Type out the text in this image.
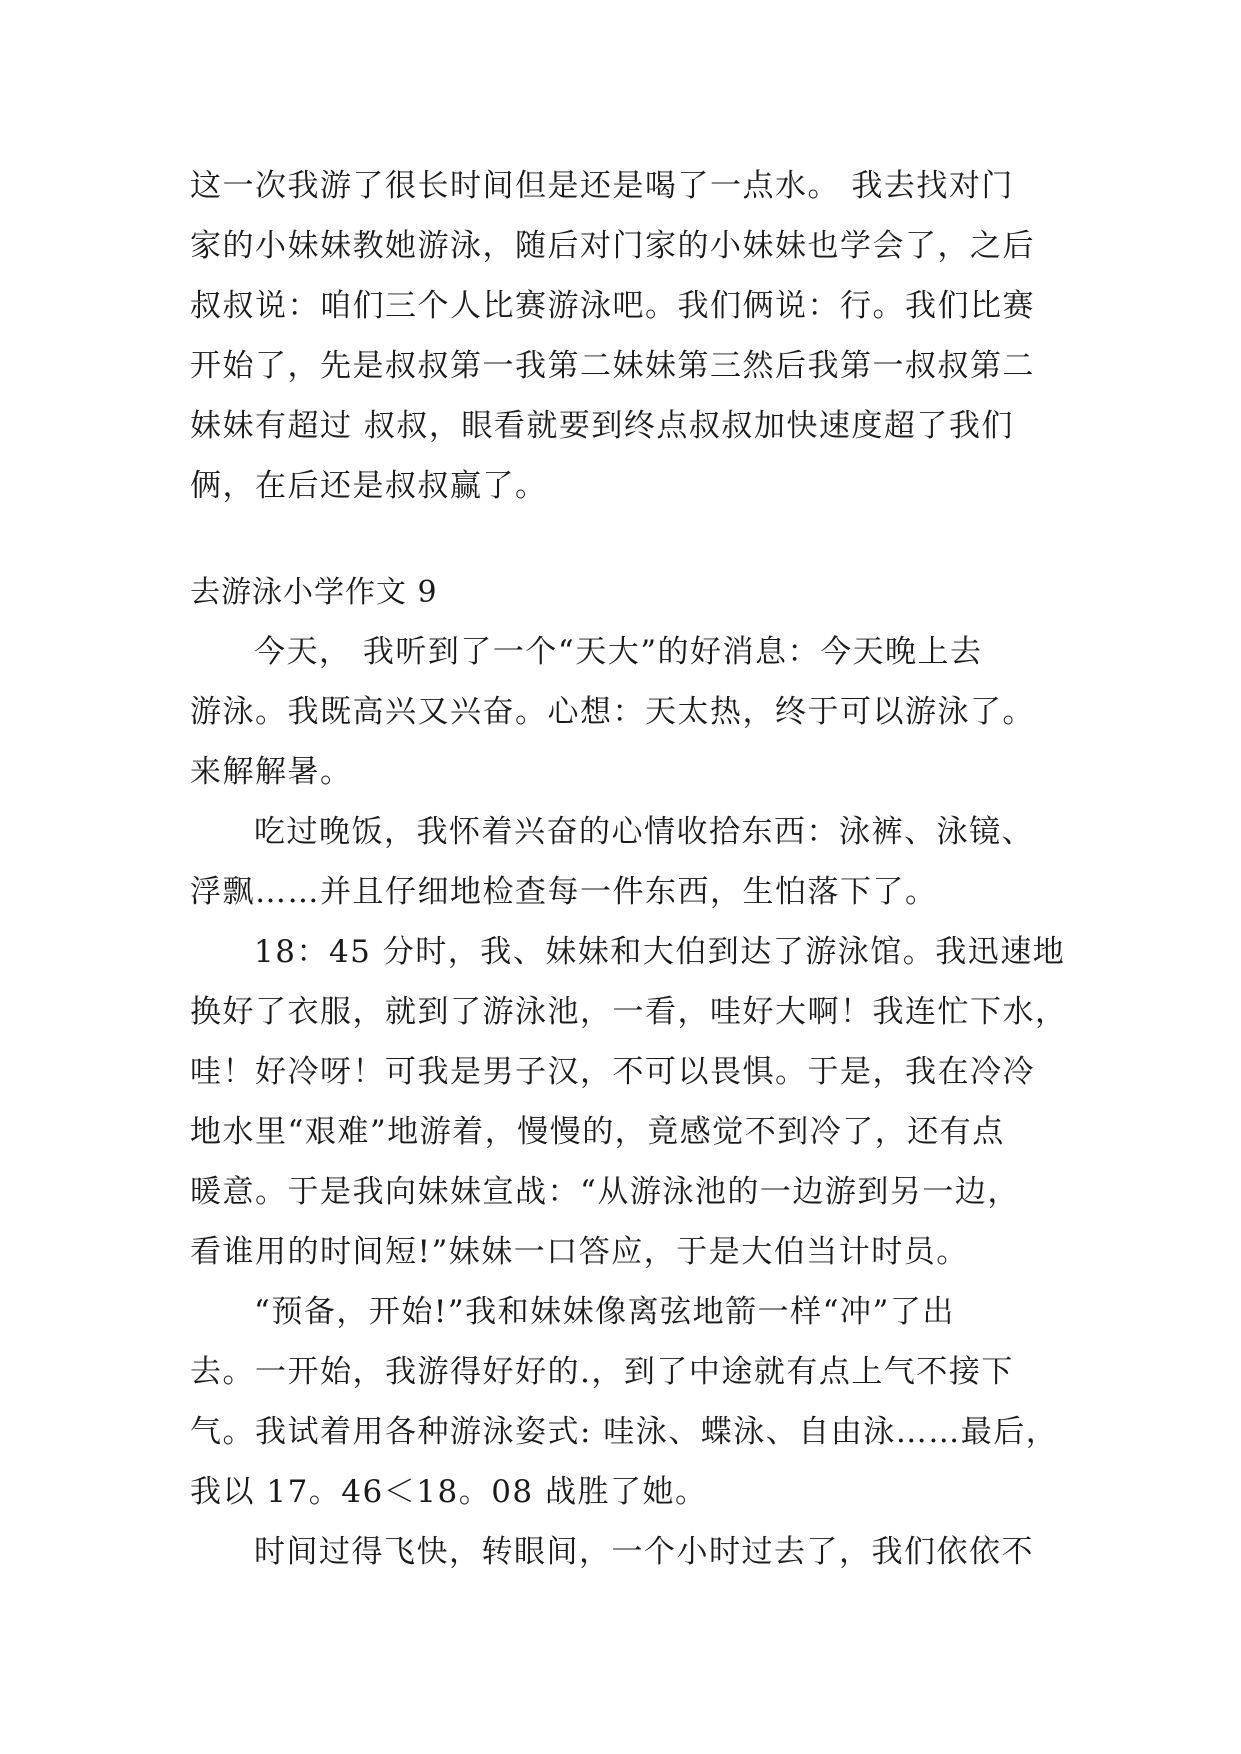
这一次我游了很长时间但是还是喝了一点水。 我去找对门
家的小妹妹教她游泳，随后对门家的小妹妹也学会了，之后
叔叔说：咱们三个人比赛游泳吧。我们俩说：行。我们比赛
开始了，先是叔叔第一我第二妹妹第三然后我第一叔叔第二
妹妹有超过 叔叔，眼看就要到终点叔叔加快速度超了我们
俩，在后还是叔叔赢了。
去游泳小学作文 9
今天， 我听到了一个“天大”的好消息：今天晚上去
游泳。我既高兴又兴奋。心想：天太热，终于可以游泳了。
来解解暑。
吃过晚饭，我怀着兴奋的心情收拾东西：泳裤、泳镜、
浮飘……并且仔细地检查每一件东西，生怕落下了。
18：45 分时，我、妹妹和大伯到达了游泳馆。我迅速地
换好了衣服，就到了游泳池，一看，哇好大啊！我连忙下水，
哇！好冷呀！可我是男子汉，不可以畏惧。于是，我在冷冷
地水里“艰难”地游着，慢慢的，竟感觉不到冷了，还有点
暖意。于是我向妹妹宣战：“从游泳池的一边游到另一边，
看谁用的时间短!”妹妹一口答应，于是大伯当计时员。
“预备，开始!”我和妹妹像离弦地箭一样“冲”了出
去。一开始，我游得好好的.，到了中途就有点上气不接下
气。我试着用各种游泳姿式: 哇泳、蝶泳、自由泳……最后，
我以 17。46＜18。08 战胜了她。
时间过得飞快，转眼间，一个小时过去了，我们依依不
